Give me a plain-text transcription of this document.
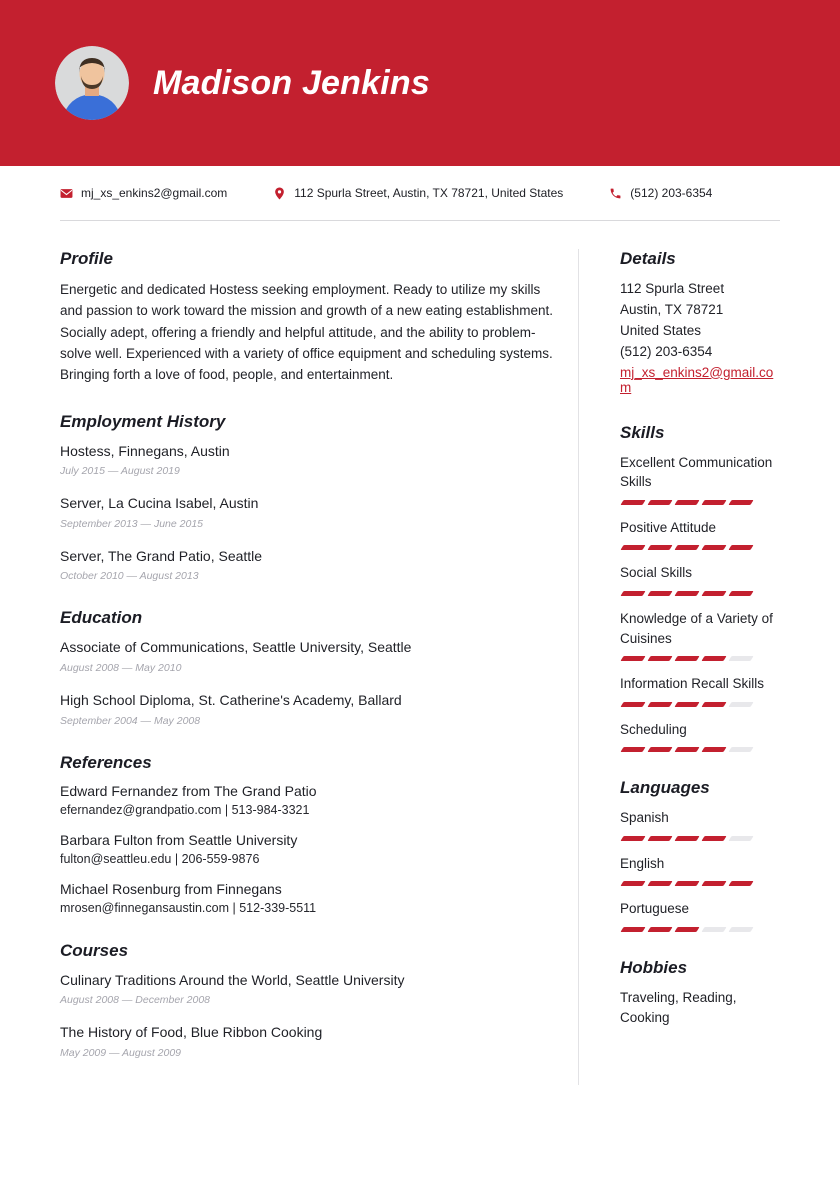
Madison Jenkins
mj_xs_enkins2@gmail.com	112 Spurla Street, Austin, TX 78721, United States	(512) 203-6354
Profile

Energetic and dedicated Hostess seeking employment. Ready to utilize my skills and passion to work toward the mission and growth of a new eating establishment. Socially adept, offering a friendly and helpful attitude, and the ability to problem-solve well. Experienced with a variety of office equipment and scheduling systems. Bringing forth a love of food, people, and entertainment.

Employment History
Hostess, Finnegans, Austin
July 2015 — August 2019
Server, La Cucina Isabel, Austin
September 2013 — June 2015
Server, The Grand Patio, Seattle
October 2010 — August 2013
Education
Associate of Communications, Seattle University, Seattle
August 2008 — May 2010
High School Diploma, St. Catherine's Academy, Ballard
September 2004 — May 2008
References
Edward Fernandez from The Grand Patio
efernandez@grandpatio.com | 513-984-3321
Barbara Fulton from Seattle University
fulton@seattleu.edu | 206-559-9876
Michael Rosenburg from Finnegans
mrosen@finnegansaustin.com | 512-339-5511
Courses
Culinary Traditions Around the World, Seattle University
August 2008 — December 2008
The History of Food, Blue Ribbon Cooking
May 2009 — August 2009
Details
112 Spurla Street
Austin, TX 78721
United States
(512) 203-6354
mj_xs_enkins2@gmail.com
Skills
Excellent Communication Skills
Positive Attitude
Social Skills
Knowledge of a Variety of Cuisines
Information Recall Skills
Scheduling
Languages
Spanish
English
Portuguese
Hobbies
Traveling, Reading, Cooking
